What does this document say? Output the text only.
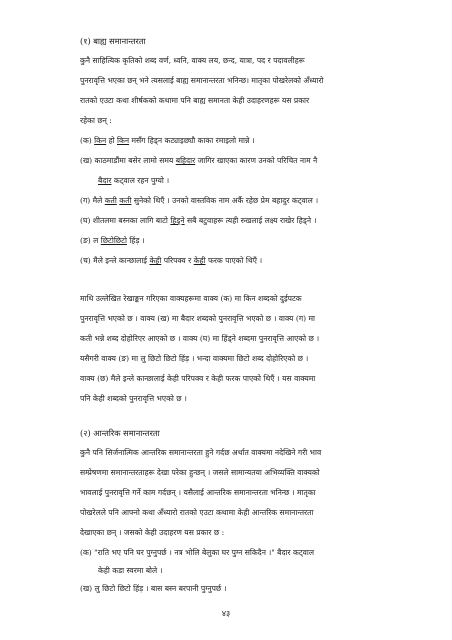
(१) बाह्य समानान्तरता
कुनै साहित्यिक कृतिको शब्द वर्ण, ध्वनि, वाक्य लय, छन्द, यात्रा, पद र पदावलीहरू
पुनरावृत्ति भएका छन् भने त्यसलाई बाह्य समानान्तरता भनिन्छ। मातृका पोखरेलको अँध्यारो
रातको एउटा कथा शीर्षकको कथामा पनि बाह्य समानता केही उदाहरणहरू यस प्रकार
रहेका छन् :
(क) किन हो किन मसँग हिड्न कट्याइछ्यौ काका रमाइलो मान्ने ।
(ख) काठमाडौंमा बसेर लामो समय बहिदार जागिर खाएका कारण उनको परिचित नाम नै
बैदार कट्वाल रहन पुग्यो ।
(ग) मैले कती कती सुनेको थिएँ । उनको वास्तविक नाम अर्कै रहेछ प्रेम बहादुर कट्वाल ।
(घ) शीतलमा बस्नका लागि बाटो हिड्ने सबै बटुवाहरू त्यही रुखलाई लक्ष्य राखेर हिड्ने ।
(ङ) ल छिटोछिटो हिंड़ ।
(च) मैले इन्ले कान्छालाई केही परिपक्व र केही फरक पाएको थिएँ ।
माथि उल्लेखित रेखाङ्कन गरिएका वाक्यहरूमा वाक्य (क) मा किन शब्दको दुईपटक
पुनरावृत्ति भएको छ । वाक्य (ख) मा बैदार शब्दको पुनरावृत्ति भएको छ । वाक्य (ग) मा
कती भन्ने शब्द दोहोरिएर आएको छ । वाक्य (घ) मा हिंड्ने शब्दमा पुनरावृत्ति आएको छ ।
यसैगरी वाक्य (ङ) मा लु छिटो छिटो हिंड़ । भन्दा वाक्यमा छिटो शब्द दोहोरिएको छ ।
वाक्य (छ) मैले इन्ले कान्छालाई केही परिपक्व र केही फरक पाएको थिएँ । यस वाक्यमा
पनि केही शब्दको पुनरावृत्ति भएको छ ।
(२) आन्तरिक समानान्तरता
कुनै पनि सिर्जनात्मिक आन्तरिक समानान्तरता हुने गर्दछ अर्थात वाक्यमा नदेखिने गरी भाव
सम्प्रेषणमा समानान्तरताहरू देखा परेका हुन्छन् । जसले सामान्यतया अभिव्यक्ति वाक्यको
भावलाई पुनरावृत्ति गर्ने काम गर्दछन् । यसैलाई आन्तरिक समानान्तरता भनिन्छ । मातृका
पोखरेलले पनि आफ्नो कथा अँध्यारो रातको एउटा कथामा केही आन्तरिक समानान्तरता
देखाएका छन् । जसको केही उदाहरण यस प्रकार छ :
(क) "राति भए पनि घर पुग्नुपर्छ । नत्र भोलि बेलुका घर पुग्न सकिदैन ।" बैदार कट्वाल
केही कडा स्वरमा बोले ।
(ख) लु छिटो छिटो हिंड़ । बास बस्न बरपानी पुग्नुपर्छ ।
४३
